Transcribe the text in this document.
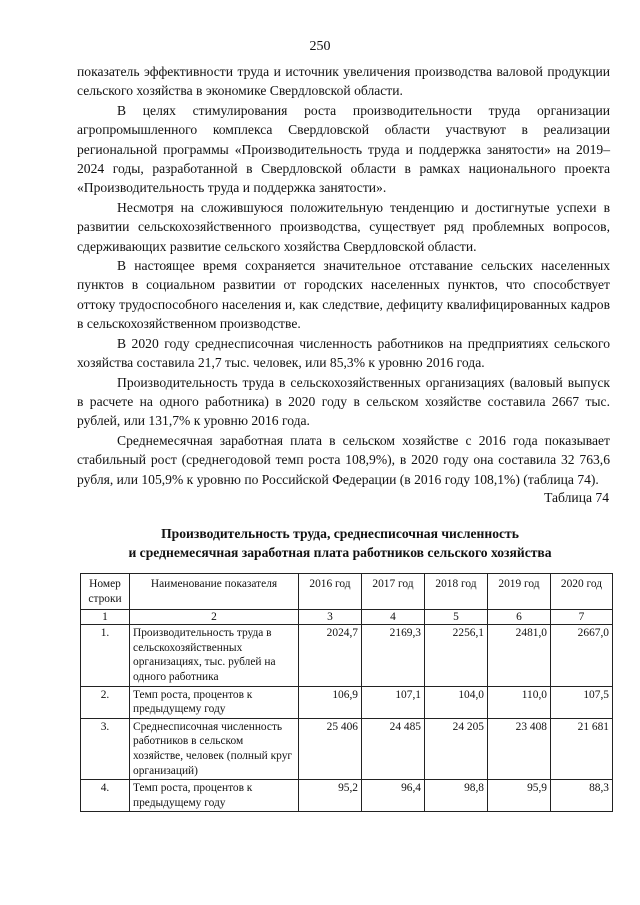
250

показатель эффективности труда и источник увеличения производства валовой продукции сельского хозяйства в экономике Свердловской области.

В целях стимулирования роста производительности труда организации агропромышленного комплекса Свердловской области участвуют в реализации региональной программы «Производительность труда и поддержка занятости» на 2019–2024 годы, разработанной в Свердловской области в рамках национального проекта «Производительность труда и поддержка занятости».

Несмотря на сложившуюся положительную тенденцию и достигнутые успехи в развитии сельскохозяйственного производства, существует ряд проблемных вопросов, сдерживающих развитие сельского хозяйства Свердловской области.

В настоящее время сохраняется значительное отставание сельских населенных пунктов в социальном развитии от городских населенных пунктов, что способствует оттоку трудоспособного населения и, как следствие, дефициту квалифицированных кадров в сельскохозяйственном производстве.

В 2020 году среднесписочная численность работников на предприятиях сельского хозяйства составила 21,7 тыс. человек, или 85,3% к уровню 2016 года.

Производительность труда в сельскохозяйственных организациях (валовый выпуск в расчете на одного работника) в 2020 году в сельском хозяйстве составила 2667 тыс. рублей, или 131,7% к уровню 2016 года.

Среднемесячная заработная плата в сельском хозяйстве с 2016 года показывает стабильный рост (среднегодовой темп роста 108,9%), в 2020 году она составила 32 763,6 рубля, или 105,9% к уровню по Российской Федерации (в 2016 году 108,1%) (таблица 74).

Таблица 74
Производительность труда, среднесписочная численность
и среднемесячная заработная плата работников сельского хозяйства
Номер строки	Наименование показателя	2016 год	2017 год	2018 год	2019 год	2020 год
1	2	3	4	5	6	7
1.	Производительность труда в сельскохозяйственных организациях, тыс. рублей на одного работника	2024,7	2169,3	2256,1	2481,0	2667,0
2.	Темп роста, процентов к предыдущему году	106,9	107,1	104,0	110,0	107,5
3.	Среднесписочная численность работников в сельском хозяйстве, человек (полный круг организаций)	25 406	24 485	24 205	23 408	21 681
4.	Темп роста, процентов к предыдущему году	95,2	96,4	98,8	95,9	88,3
